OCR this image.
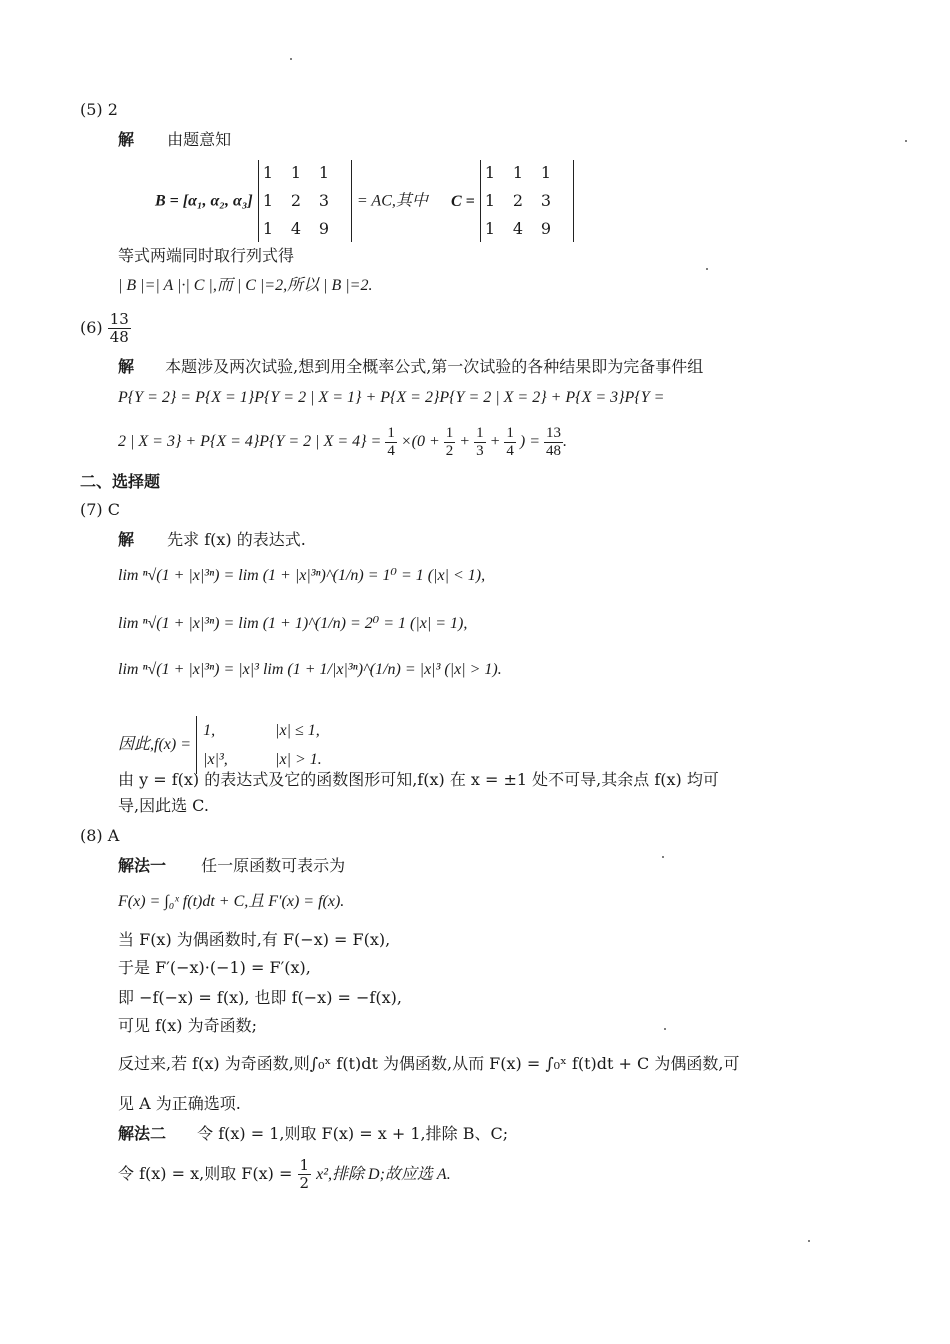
(5) 2
解 由题意知
B = [α₁, α₂, α₃]
1	1	1
1	2	3
1	4	9
= AC,其中 C =
1	1	1
1	2	3
1	4	9
等式两端同时取行列式得
| B |=| A |·| C |,而 | C |=2,所以 | B |=2.
$(6) \frac{13}{48}$
解 本题涉及两次试验,想到用全概率公式,第一次试验的各种结果即为完备事件组
P{Y = 2} = P{X = 1}P{Y = 2 | X = 1} + P{X = 2}P{Y = 2 | X = 2} + P{X = 3}P{Y =
2 | X = 3} + P{X = 4}P{Y = 2 | $X = 4\} = \frac{1}{4} \times(0 + \frac{1}{2} + \frac{1}{3} + \frac{1}{4}$ ) = $\frac{13}{48}$ .
二、选择题
(7) C
解 先求 f(x) 的表达式.
lim ⁿ√(1 + |x|³ⁿ) = lim (1 + |x|³ⁿ)^(1/n) = 1⁰ = 1 (|x| < 1),
lim ⁿ√(1 + |x|³ⁿ) = lim (1 + 1)^(1/n) = 2⁰ = 1 (|x| = 1),
lim ⁿ√(1 + |x|³ⁿ) = |x|³ lim (1 + 1/|x|³ⁿ)^(1/n) = |x|³ (|x| > 1).
因此,f(x) =
1,	|x| ≤ 1,
|x|³,	|x| > 1.
由 y = f(x) 的表达式及它的函数图形可知,f(x) 在 x = ±1 处不可导,其余点 f(x) 均可
导,因此选 C.
(8) A
解法一 任一原函数可表示为
F(x) = ∫₀ˣ f(t)dt + C,且 F′(x) = f(x).
当 F(x) 为偶函数时,有 F(−x) = F(x),
于是 F′(−x)·(−1) = F′(x),
即 −f(−x) = f(x), 也即 f(−x) = −f(x),
可见 f(x) 为奇函数;
反过来,若 f(x) 为奇函数,则∫₀ˣ f(t)dt 为偶函数,从而 F(x) = ∫₀ˣ f(t)dt + C 为偶函数,可
见 A 为正确选项.
解法二 令 f(x) = 1,则取 F(x) = x + 1,排除 B、C;
令 f(x) = x,则取 $F(x) = \frac{1}{2} x^2$,排除 D;故应选 A.
